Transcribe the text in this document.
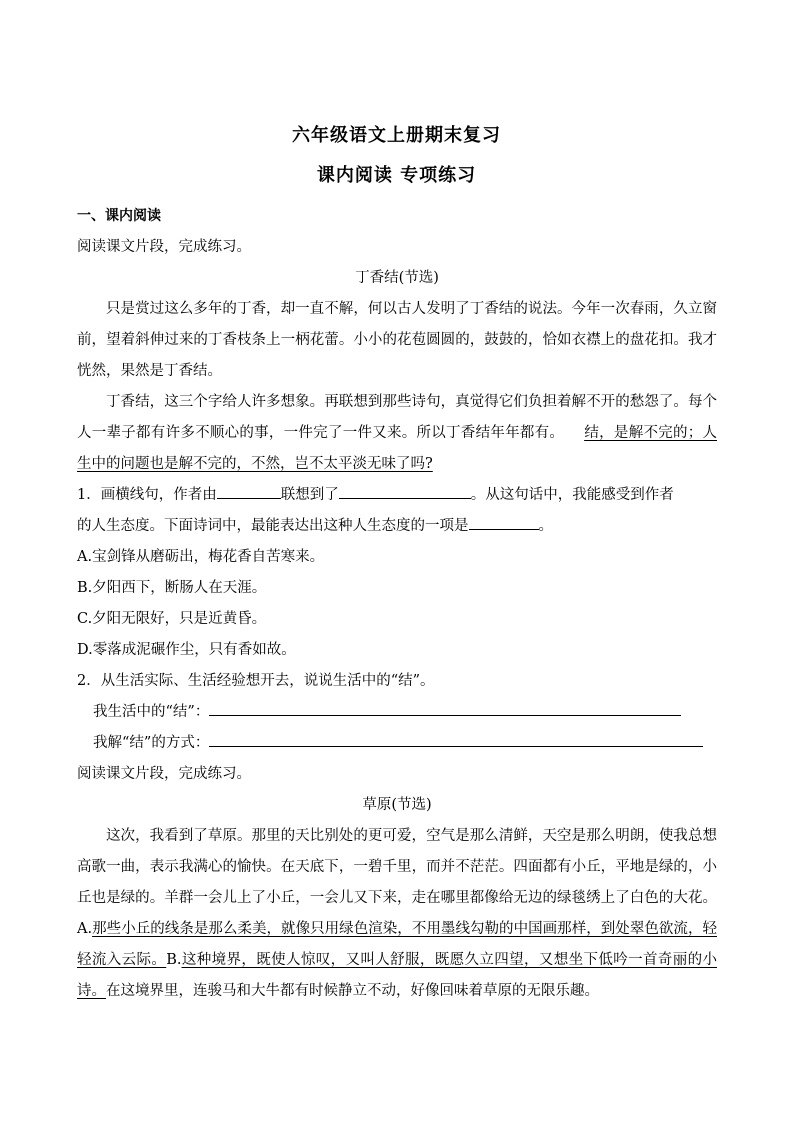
六年级语文上册期末复习
课内阅读 专项练习
一、课内阅读
阅读课文片段，完成练习。
丁香结(节选)
只是赏过这么多年的丁香，却一直不解，何以古人发明了丁香结的说法。今年一次春雨，久立窗前，望着斜伸过来的丁香枝条上一柄花蕾。小小的花苞圆圆的，鼓鼓的，恰如衣襟上的盘花扣。我才恍然，果然是丁香结。
丁香结，这三个字给人许多想象。再联想到那些诗句，真觉得它们负担着解不开的愁怨了。每个人一辈子都有许多不顺心的事，一件完了一件又来。所以丁香结年年都有。 结，是解不完的；人生中的问题也是解不完的，不然，岂不太平淡无味了吗?
1．画横线句，作者由	联想到了	。从这句话中，我能感受到作者
的人生态度。下面诗词中，最能表达出这种人生态度的一项是	。
A.宝剑锋从磨砺出，梅花香自苦寒来。
B.夕阳西下，断肠人在天涯。
C.夕阳无限好，只是近黄昏。
D.零落成泥碾作尘，只有香如故。
2．从生活实际、生活经验想开去，说说生活中的“结”。
我生活中的“结”：
我解“结”的方式：
阅读课文片段，完成练习。
草原(节选)
这次，我看到了草原。那里的天比别处的更可爱，空气是那么清鲜，天空是那么明朗，使我总想高歌一曲，表示我满心的愉快。在天底下，一碧千里，而并不茫茫。四面都有小丘，平地是绿的，小丘也是绿的。羊群一会儿上了小丘，一会儿又下来，走在哪里都像给无边的绿毯绣上了白色的大花。A.那些小丘的线条是那么柔美，就像只用绿色渲染，不用墨线勾勒的中国画那样，到处翠色欲流，轻轻流入云际。B.这种境界，既使人惊叹，又叫人舒服，既愿久立四望，又想坐下低吟一首奇丽的小诗。在这境界里，连骏马和大牛都有时候静立不动，好像回味着草原的无限乐趣。
